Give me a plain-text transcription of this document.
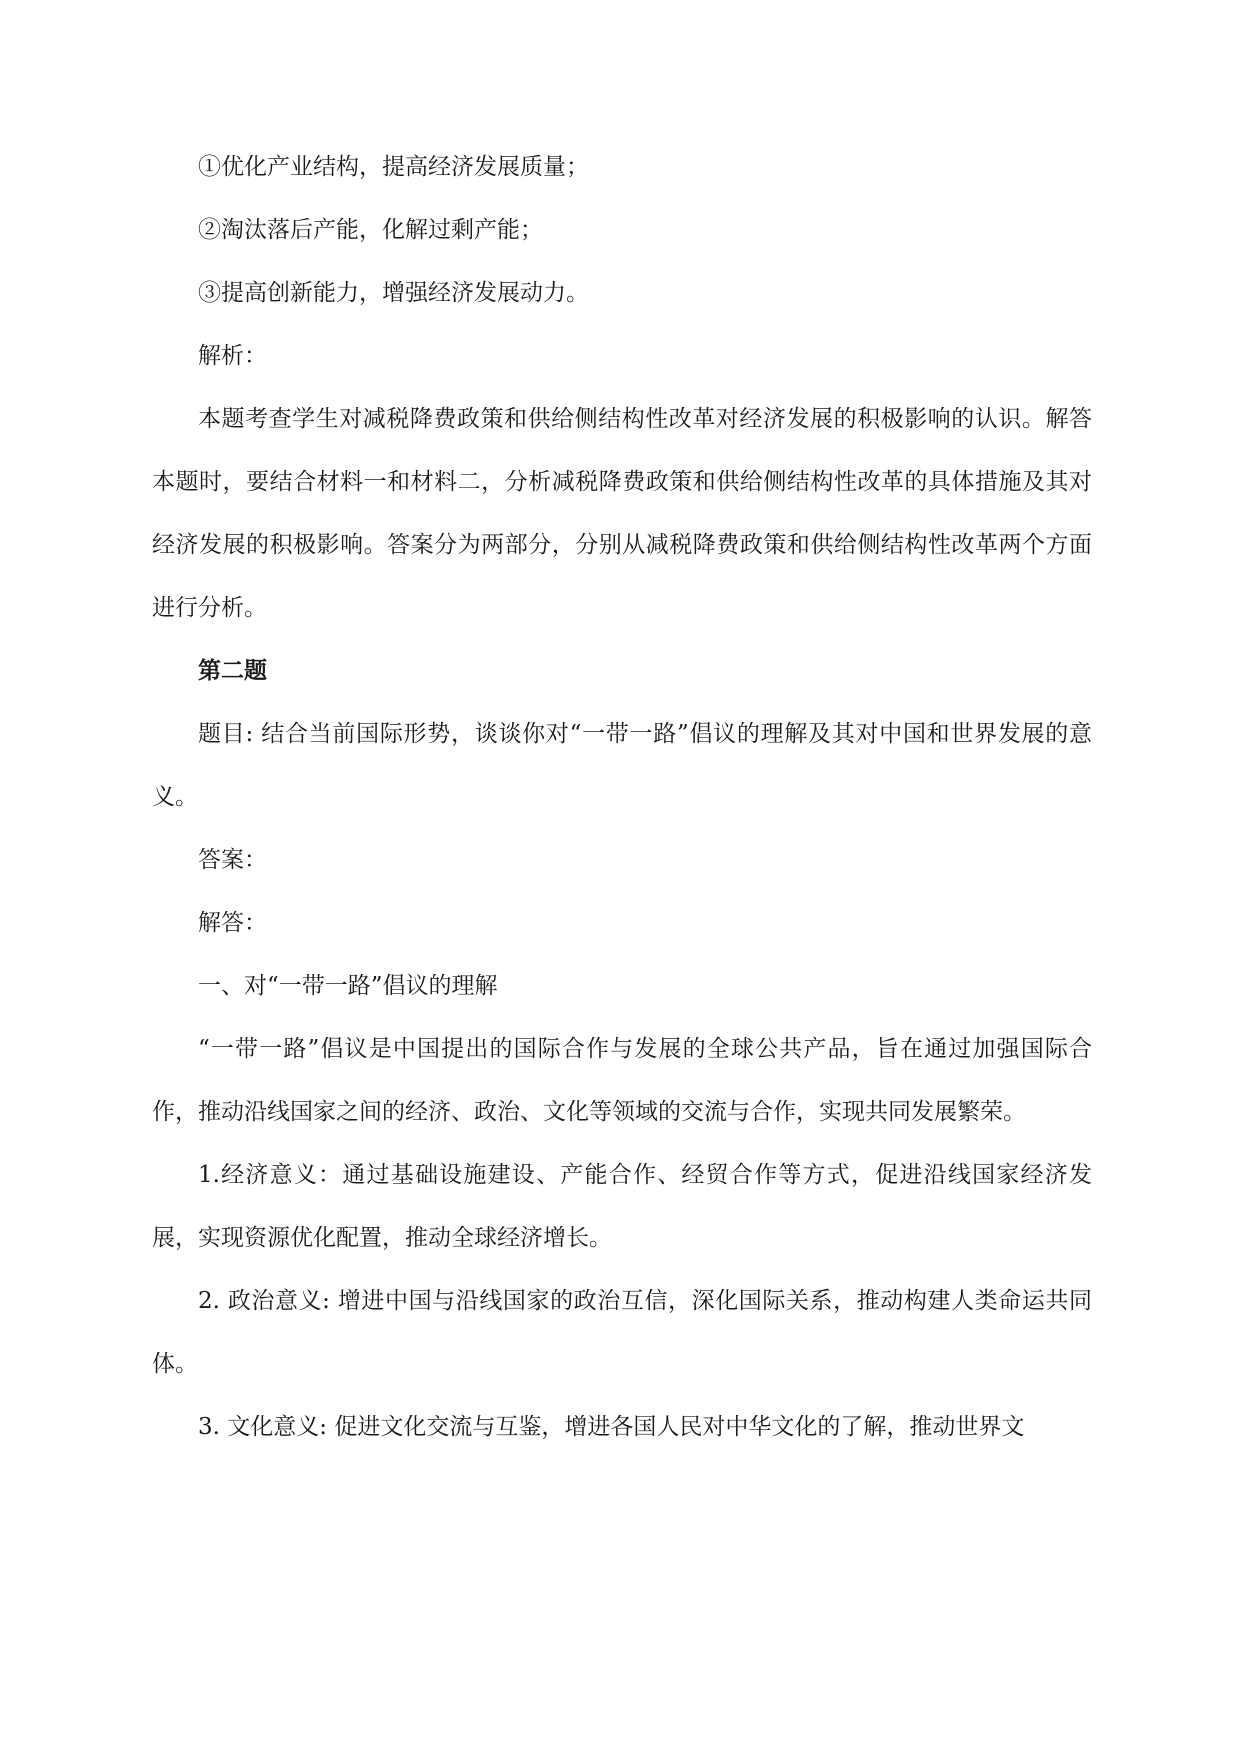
①优化产业结构，提高经济发展质量；

②淘汰落后产能，化解过剩产能；

③提高创新能力，增强经济发展动力。

解析：

本题考查学生对减税降费政策和供给侧结构性改革对经济发展的积极影响的认识。解答本题时，要结合材料一和材料二，分析减税降费政策和供给侧结构性改革的具体措施及其对经济发展的积极影响。答案分为两部分，分别从减税降费政策和供给侧结构性改革两个方面进行分析。

第二题

题目: 结合当前国际形势，谈谈你对“一带一路”倡议的理解及其对中国和世界发展的意义。

答案：

解答：

一、对“一带一路”倡议的理解

“一带一路”倡议是中国提出的国际合作与发展的全球公共产品，旨在通过加强国际合作，推动沿线国家之间的经济、政治、文化等领域的交流与合作，实现共同发展繁荣。

1.经济意义：通过基础设施建设、产能合作、经贸合作等方式，促进沿线国家经济发展，实现资源优化配置，推动全球经济增长。

2. 政治意义: 增进中国与沿线国家的政治互信，深化国际关系，推动构建人类命运共同体。

3. 文化意义: 促进文化交流与互鉴，增进各国人民对中华文化的了解，推动世界文
